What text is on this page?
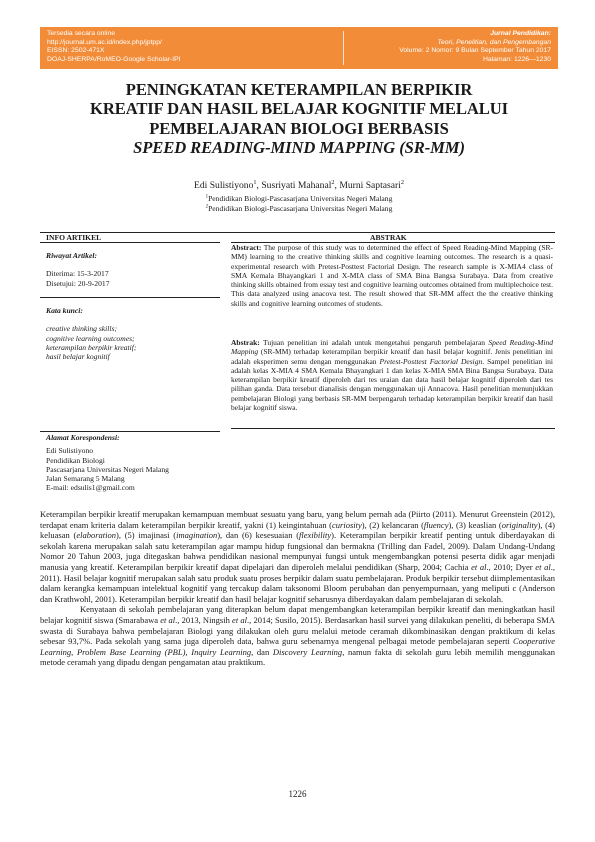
Tersedia secara online
http://journal.um.ac.id/index.php/jptpp/
EISSN: 2502-471X
DOAJ-SHERPA/RoMEO-Google Scholar-IPI
Jurnal Pendidikan:
Teori, Penelitian, dan Pengembangan
Volume: 2 Nomor: 9 Bulan September Tahun 2017
Halaman: 1226—1230
PENINGKATAN KETERAMPILAN BERPIKIR
KREATIF DAN HASIL BELAJAR KOGNITIF MELALUI
PEMBELAJARAN BIOLOGI BERBASIS
SPEED READING-MIND MAPPING (SR-MM)
Edi Sulistiyono$^1$, Susriyati Mahanal$^2$, Murni Saptasari$^2$
$^1$Pendidikan Biologi-Pascasarjana Universitas Negeri Malang
$^2$Pendidikan Biologi-Pascasarjana Universitas Negeri Malang
INFO ARTIKEL	ABSTRAK
Riwayat Artikel:
Diterima: 15-3-2017
Disetujui: 20-9-2017
Kata kunci:
creative thinking skills;
cognitive learning outcomes;
keterampilan berpikir kreatif;
hasil belajar kognitif
Alamat Korespondensi:
Edi Sulistiyono
Pendidikan Biologi
Pascasarjana Universitas Negeri Malang
Jalan Semarang 5 Malang
E-mail: edsulis1@gmail.com
Abstract: The purpose of this study was to determined the effect of Speed Reading-Mind Mapping (SR-MM) learning to the creative thinking skills and cognitive learning outcomes. The research is a quasi-experimental research with Pretest-Posttest Factorial Design. The research sample is X-MIA4 class of SMA Kemala Bhayangkari 1 and X-MIA class of SMA Bina Bangsa Surabaya. Data from creative thinking skills obtained from essay test and cognitive learning outcomes obtained from multiplechoice test. This data analyzed using anacova test. The result showed that SR-MM affect the the creative thinking skills and cognitive learning outcomes of students.
Abstrak: Tujuan penelitian ini adalah untuk mengetahui pengaruh pembelajaran Speed Reading-Mind Mapping (SR-MM) terhadap keterampilan berpikir kreatif dan hasil belajar kognitif. Jenis penelitian ini adalah eksperimen semu dengan menggunakan Pretest-Posttest Factorial Design. Sampel penelitian ini adalah kelas X-MIA 4 SMA Kemala Bhayangkari 1 dan kelas X-MIA SMA Bina Bangsa Surabaya. Data keterampilan berpikir kreatif diperoleh dari tes uraian dan data hasil belajar kognitif diperoleh dari tes pilihan ganda. Data tersebut dianalisis dengan menggunakan uji Annacova. Hasil penelitian menunjukkan pembelajaran Biologi yang berbasis SR-MM berpengaruh terhadap keterampilan berpikir kreatif dan hasil belajar kognitif siswa.

Keterampilan berpikir kreatif merupakan kemampuan membuat sesuatu yang baru, yang belum pernah ada (Piirto (2011). Menurut Greenstein (2012), terdapat enam kriteria dalam keterampilan berpikir kreatif, yakni (1) keingintahuan (curiosity), (2) kelancaran (fluency), (3) keaslian (originality), (4) keluasan (elaboration), (5) imajinasi (imagination), dan (6) kesesuaian (flexibility). Keterampilan berpikir kreatif penting untuk diberdayakan di sekolah karena merupakan salah satu keterampilan agar mampu hidup fungsional dan bermakna (Trilling dan Fadel, 2009). Dalam Undang-Undang Nomor 20 Tahun 2003, juga ditegaskan bahwa pendidikan nasional mempunyai fungsi untuk mengembangkan potensi peserta didik agar menjadi manusia yang kreatif. Keterampilan berpikir kreatif dapat dipelajari dan diperoleh melalui pendidikan (Sharp, 2004; Cachia et al., 2010; Dyer et al., 2011). Hasil belajar kognitif merupakan salah satu produk suatu proses berpikir dalam suatu pembelajaran. Produk berpikir tersebut diimplementasikan dalam kerangka kemampuan intelektual kognitif yang tercakup dalam taksonomi Bloom perubahan dan penyempurnaan, yang meliputi c (Anderson dan Krathwohl, 2001). Keterampilan berpikir kreatif dan hasil belajar kognitif seharusnya diberdayakan dalam pembelajaran di sekolah.

Kenyataan di sekolah pembelajaran yang diterapkan belum dapat mengembangkan keterampilan berpikir kreatif dan meningkatkan hasil belajar kognitif siswa (Smarabawa et al., 2013, Ningsih et al., 2014; Susilo, 2015). Berdasarkan hasil survei yang dilakukan peneliti, di beberapa SMA swasta di Surabaya bahwa pembelajaran Biologi yang dilakukan oleh guru melalui metode ceramah dikombinasikan dengan praktikum di kelas sebesar 93,7%. Pada sekolah yang sama juga diperoleh data, bahwa guru sebenarnya mengenal pelbagai metode pembelajaran seperti Cooperative Learning, Problem Base Learning (PBL), Inquiry Learning, dan Discovery Learning, namun fakta di sekolah guru lebih memilih menggunakan metode ceramah yang dipadu dengan pengamatan atau praktikum.

1226
